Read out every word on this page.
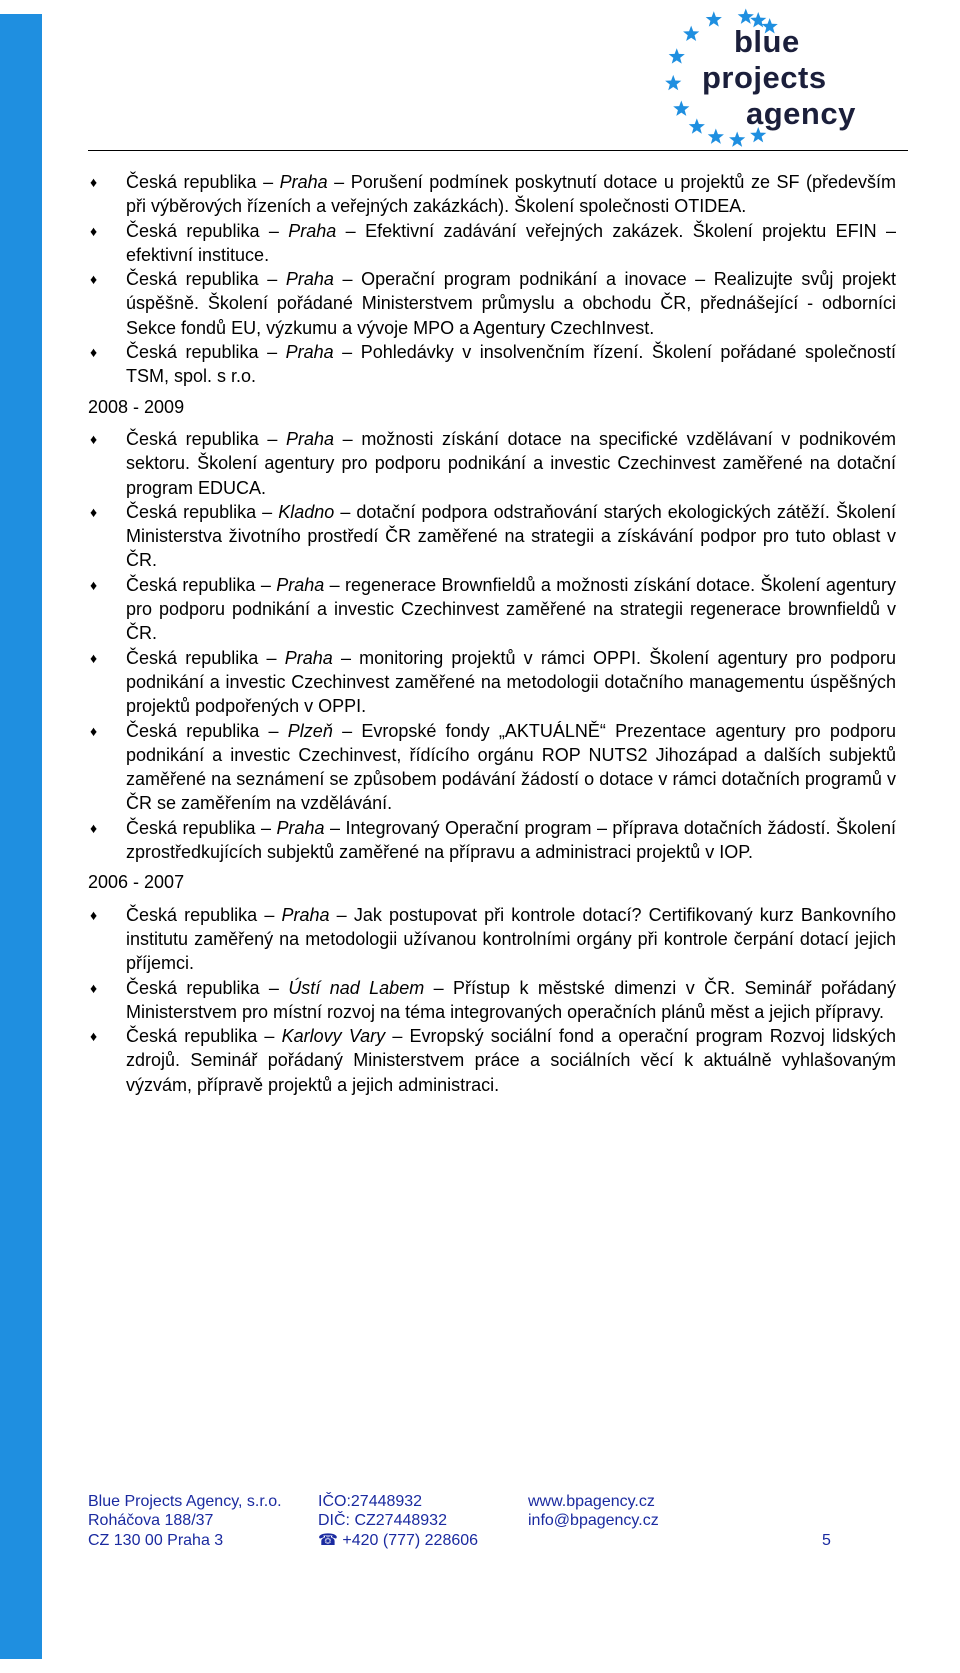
blue
projects
agency
♦ Česká republika – Praha – Porušení podmínek poskytnutí dotace u projektů ze SF (především při výběrových řízeních a veřejných zakázkách). Školení společnosti OTIDEA.
♦ Česká republika – Praha – Efektivní zadávání veřejných zakázek. Školení projektu EFIN – efektivní instituce.
♦ Česká republika – Praha – Operační program podnikání a inovace – Realizujte svůj projekt úspěšně. Školení pořádané Ministerstvem průmyslu a obchodu ČR, přednášející - odborníci Sekce fondů EU, výzkumu a vývoje MPO a Agentury CzechInvest.
♦ Česká republika – Praha – Pohledávky v insolvenčním řízení. Školení pořádané společností TSM, spol. s r.o.
2008 - 2009
♦ Česká republika – Praha – možnosti získání dotace na specifické vzdělávaní v podnikovém sektoru. Školení agentury pro podporu podnikání a investic Czechinvest zaměřené na dotační program EDUCA.
♦ Česká republika – Kladno – dotační podpora odstraňování starých ekologických zátěží. Školení Ministerstva životního prostředí ČR zaměřené na strategii a získávání podpor pro tuto oblast v ČR.
♦ Česká republika – Praha – regenerace Brownfieldů a možnosti získání dotace. Školení agentury pro podporu podnikání a investic Czechinvest zaměřené na strategii regenerace brownfieldů v ČR.
♦ Česká republika – Praha – monitoring projektů v rámci OPPI. Školení agentury pro podporu podnikání a investic Czechinvest zaměřené na metodologii dotačního managementu úspěšných projektů podpořených v OPPI.
♦ Česká republika – Plzeň – Evropské fondy „AKTUÁLNĚ“ Prezentace agentury pro podporu podnikání a investic Czechinvest, řídícího orgánu ROP NUTS2 Jihozápad a dalších subjektů zaměřené na seznámení se způsobem podávání žádostí o dotace v rámci dotačních programů v ČR se zaměřením na vzdělávání.
♦ Česká republika – Praha – Integrovaný Operační program – příprava dotačních žádostí. Školení zprostředkujících subjektů zaměřené na přípravu a administraci projektů v IOP.
2006 - 2007
♦ Česká republika – Praha – Jak postupovat při kontrole dotací? Certifikovaný kurz Bankovního institutu zaměřený na metodologii užívanou kontrolními orgány při kontrole čerpání dotací jejich příjemci.
♦ Česká republika – Ústí nad Labem – Přístup k městské dimenzi v ČR. Seminář pořádaný Ministerstvem pro místní rozvoj na téma integrovaných operačních plánů měst a jejich přípravy.
♦ Česká republika – Karlovy Vary – Evropský sociální fond a operační program Rozvoj lidských zdrojů. Seminář pořádaný Ministerstvem práce a sociálních věcí k aktuálně vyhlašovaným výzvám, přípravě projektů a jejich administraci.
Blue Projects Agency, s.r.o.
Roháčova 188/37
CZ 130 00 Praha 3
IČO:27448932
DIČ: CZ27448932
☎ +420 (777) 228606
www.bpagency.cz
info@bpagency.cz
5
